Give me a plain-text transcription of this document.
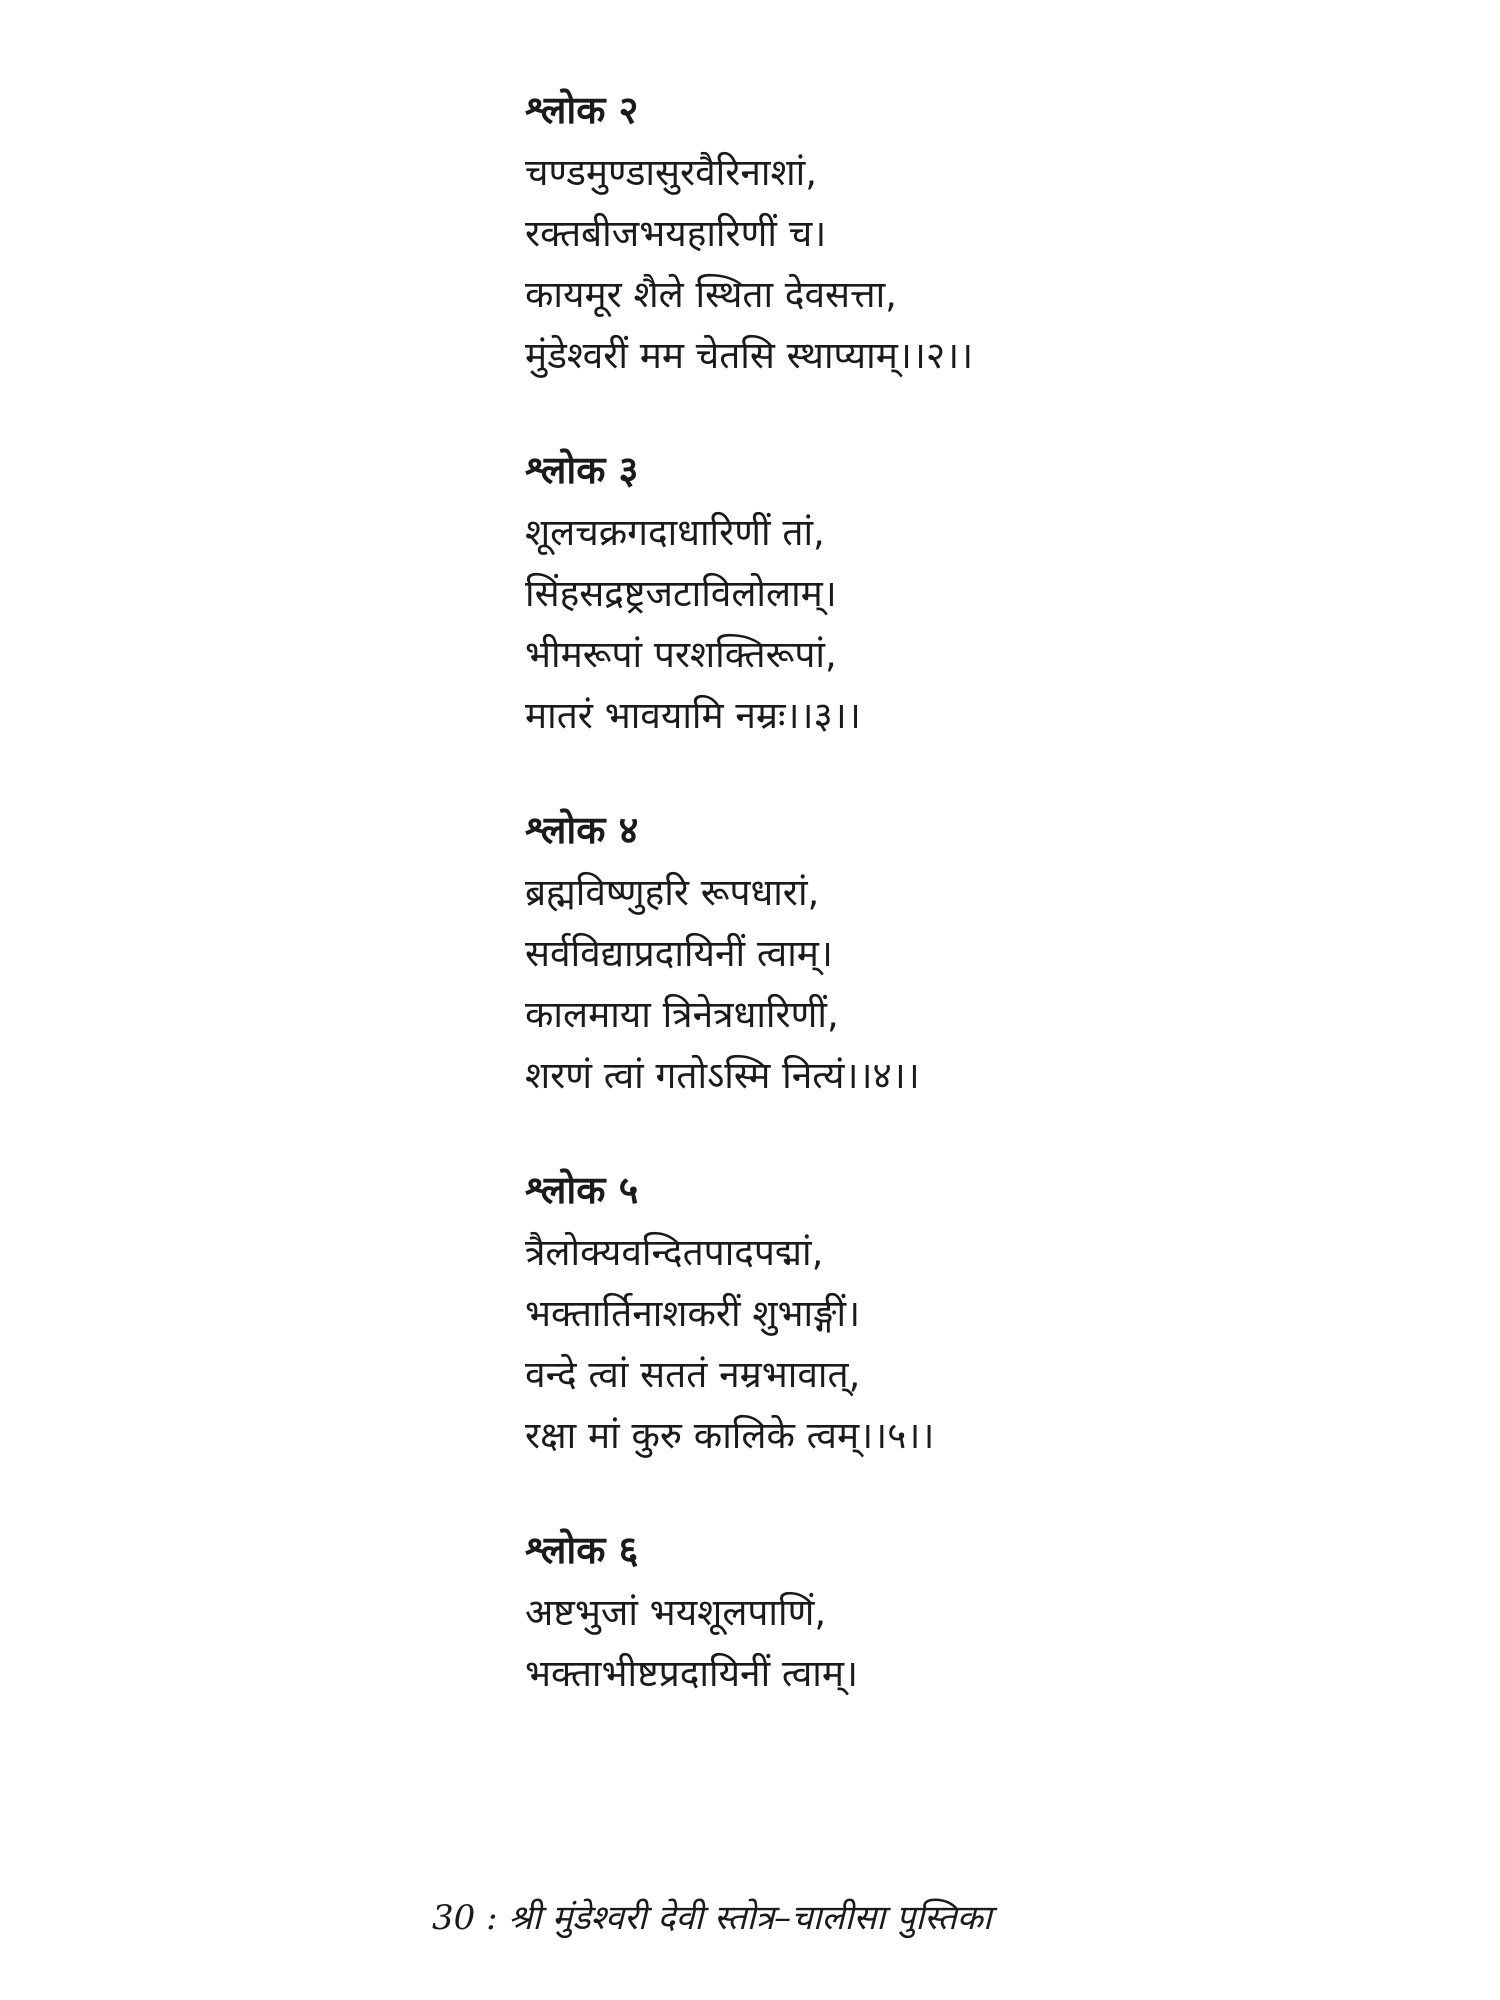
श्लोक २
चण्डमुण्डासुरवैरिनाशां,
रक्तबीजभयहारिणीं च।
कायमूर शैले स्थिता देवसत्ता,
मुंडेश्वरीं मम चेतसि स्थाप्याम्।।२।।
श्लोक ३
शूलचक्रगदाधारिणीं तां,
सिंहसद्रष्ट्रजटाविलोलाम्।
भीमरूपां परशक्तिरूपां,
मातरं भावयामि नम्रः।।३।।
श्लोक ४
ब्रह्मविष्णुहरि रूपधारां,
सर्वविद्याप्रदायिनीं त्वाम्।
कालमाया त्रिनेत्रधारिणीं,
शरणं त्वां गतोऽस्मि नित्यं।।४।।
श्लोक ५
त्रैलोक्यवन्दितपादपद्मां,
भक्तार्तिनाशकरीं शुभाङ्गीं।
वन्दे त्वां सततं नम्रभावात्,
रक्षा मां कुरु कालिके त्वम्।।५।।
श्लोक ६
अष्टभुजां भयशूलपाणिं,
भक्ताभीष्टप्रदायिनीं त्वाम्।
30 : श्री मुंडेश्वरी देवी स्तोत्र–चालीसा पुस्तिका
